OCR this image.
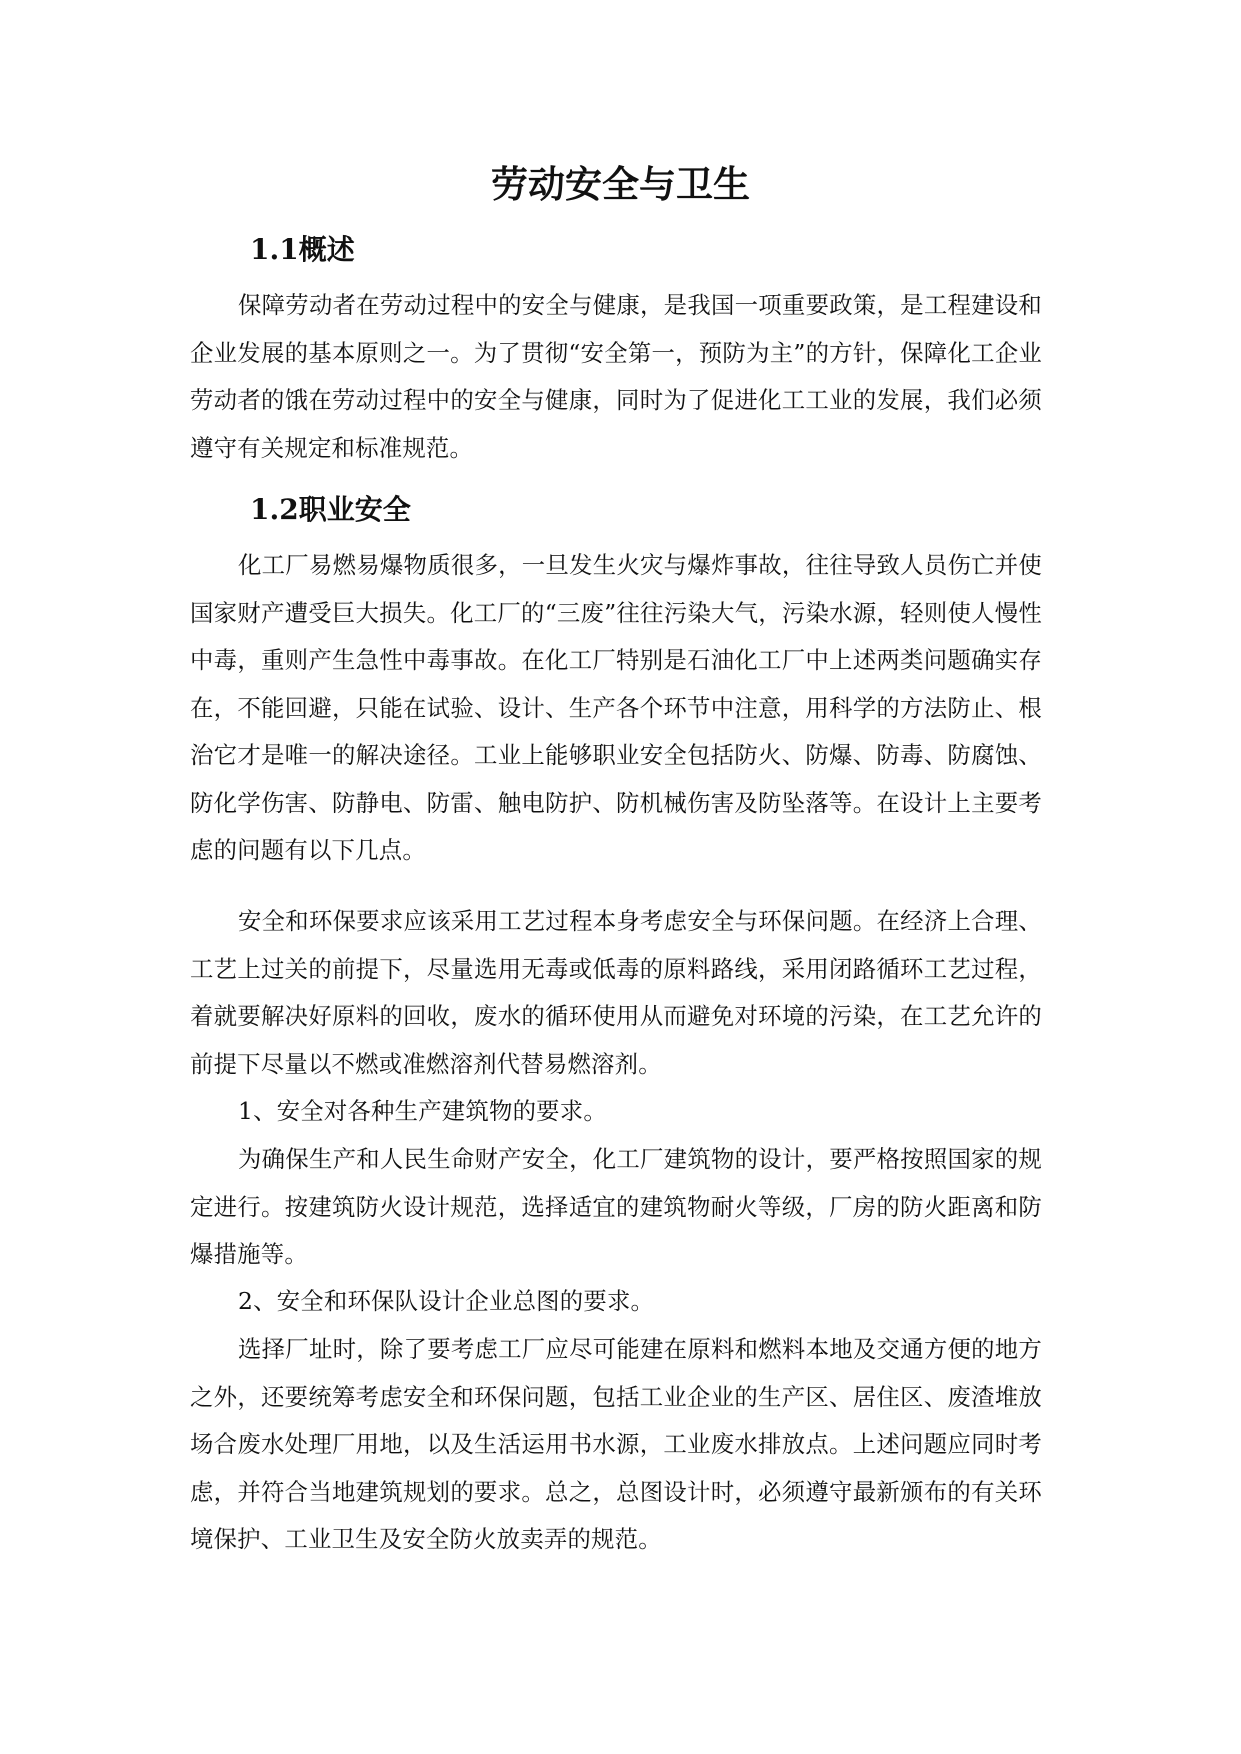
劳动安全与卫生
1.1概述

保障劳动者在劳动过程中的安全与健康，是我国一项重要政策，是工程建设和企业发展的基本原则之一。为了贯彻“安全第一，预防为主”的方针，保障化工企业劳动者的饿在劳动过程中的安全与健康，同时为了促进化工工业的发展，我们必须遵守有关规定和标准规范。

1.2职业安全

化工厂易燃易爆物质很多，一旦发生火灾与爆炸事故，往往导致人员伤亡并使国家财产遭受巨大损失。化工厂的“三废”往往污染大气，污染水源，轻则使人慢性中毒，重则产生急性中毒事故。在化工厂特别是石油化工厂中上述两类问题确实存在，不能回避，只能在试验、设计、生产各个环节中注意，用科学的方法防止、根治它才是唯一的解决途径。工业上能够职业安全包括防火、防爆、防毒、防腐蚀、防化学伤害、防静电、防雷、触电防护、防机械伤害及防坠落等。在设计上主要考虑的问题有以下几点。

安全和环保要求应该采用工艺过程本身考虑安全与环保问题。在经济上合理、工艺上过关的前提下，尽量选用无毒或低毒的原料路线，采用闭路循环工艺过程，着就要解决好原料的回收，废水的循环使用从而避免对环境的污染，在工艺允许的前提下尽量以不燃或准燃溶剂代替易燃溶剂。

1、安全对各种生产建筑物的要求。

为确保生产和人民生命财产安全，化工厂建筑物的设计，要严格按照国家的规定进行。按建筑防火设计规范，选择适宜的建筑物耐火等级，厂房的防火距离和防爆措施等。

2、安全和环保队设计企业总图的要求。

选择厂址时，除了要考虑工厂应尽可能建在原料和燃料本地及交通方便的地方之外，还要统筹考虑安全和环保问题，包括工业企业的生产区、居住区、废渣堆放场合废水处理厂用地，以及生活运用书水源，工业废水排放点。上述问题应同时考虑，并符合当地建筑规划的要求。总之，总图设计时，必须遵守最新颁布的有关环境保护、工业卫生及安全防火放卖弄的规范。
